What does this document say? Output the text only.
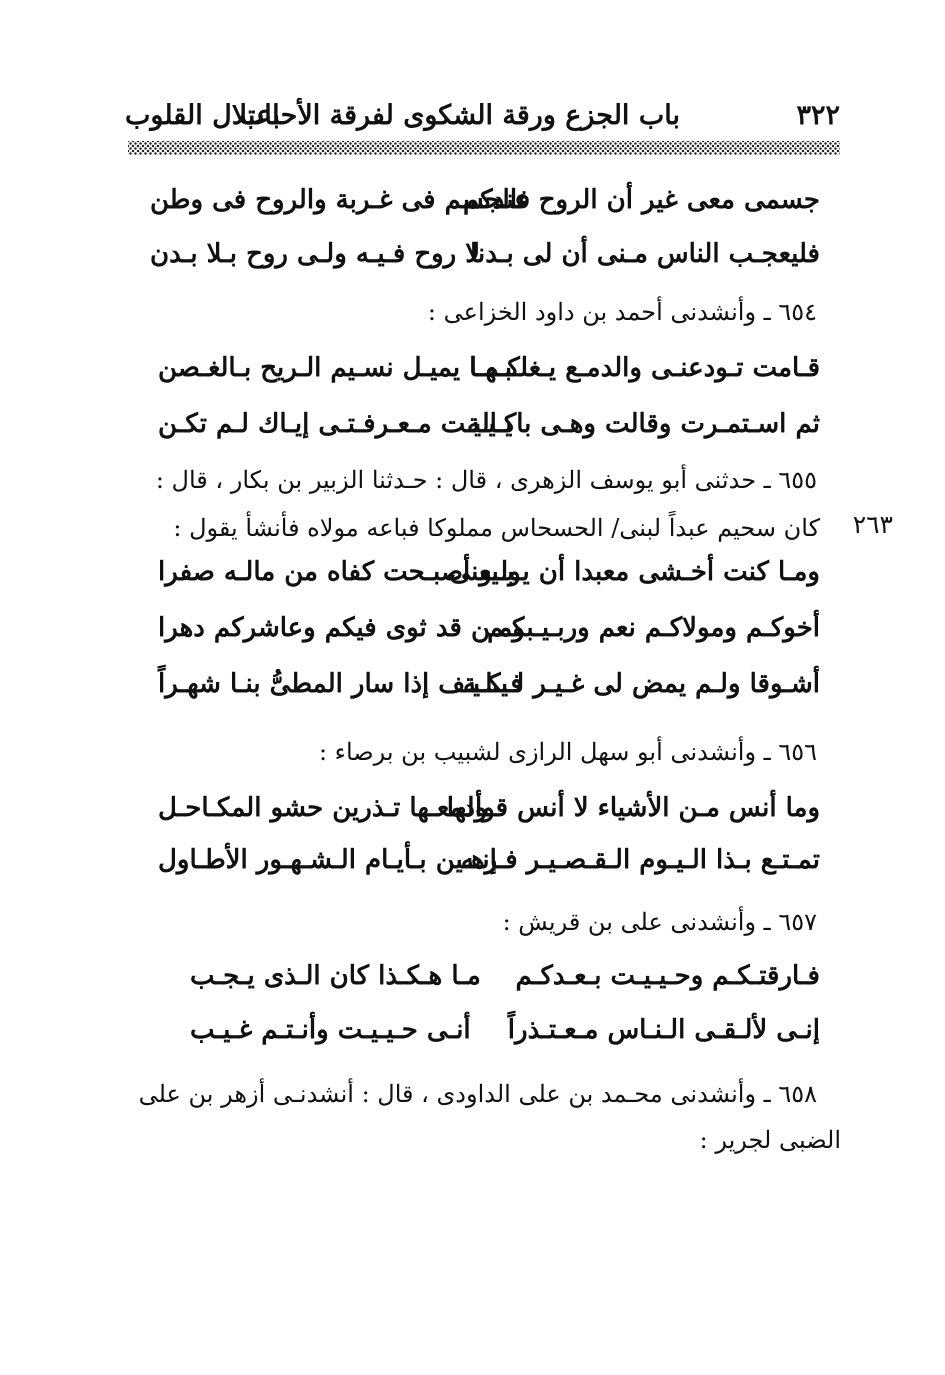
٣٢٢
باب الجزع ورقة الشكوى لفرقة الأحباب
اعتلال القلوب
جسمى معى غير أن الروح عندكم
فالجسم فى غـربة والروح فى وطن
فليعجـب الناس مـنى أن لى بـدنا
لا روح فـيـه ولـى روح بـلا بـدن
٦٥٤ ـ وأنشدنى أحمد بن داود الخزاعى :
قـامت تـودعنـى والدمـع يـغلـبـهـا
كـمـا يميـل نسـيم الـريح بـالغـصن
ثم اسـتمـرت وقالت وهـى باكـيـة
يـاليـت مـعـرفـتـى إيـاك لـم تكـن
٦٥٥ ـ حدثنى أبو يوسف الزهرى ، قال : حـدثنا الزبير بن بكار ، قال :
٢٦٣
كان سحيم عبداً لبنى/ الحسحاس مملوكا فباعه مولاه فأنشأ يقول :
ومـا كنت أخـشى معبدا أن يـبـيعنى
ولـو أصبـحت كفاه من مالـه صفرا
أخوكـم ومولاكـم نعم وربـيـبكـم
ومـن قد ثوى فيكم وعاشركم دهرا
أشـوقا ولـم يمض لى غـيـر لـيـلـة
فـكـيـف إذا سار المطىُّ بنـا شهـراً
٦٥٦ ـ وأنشدنى أبو سهل الرازى لشبيب بن برصاء :
وما أنس مـن الأشياء لا أنس قـولها
وأدمعـها تـذرين حشو المكـاحـل
تمـتـع بـذا الـيـوم الـقـصـيـر فـإنـه
رهـين بـأيـام الـشـهـور الأطـاول
٦٥٧ ـ وأنشدنى على بن قريش :
فـارقتـكـم وحـيـيـت بـعـدكـم
مـا هـكـذا كان الـذى يـجـب
إنـى لألـقـى الـنـاس مـعـتـذراً
أنـى حـيـيـت وأنـتـم غـيـب
٦٥٨ ـ وأنشدنى محـمد بن على الداودى ، قال : أنشدنـى أزهر بن على
الضبى لجرير :
